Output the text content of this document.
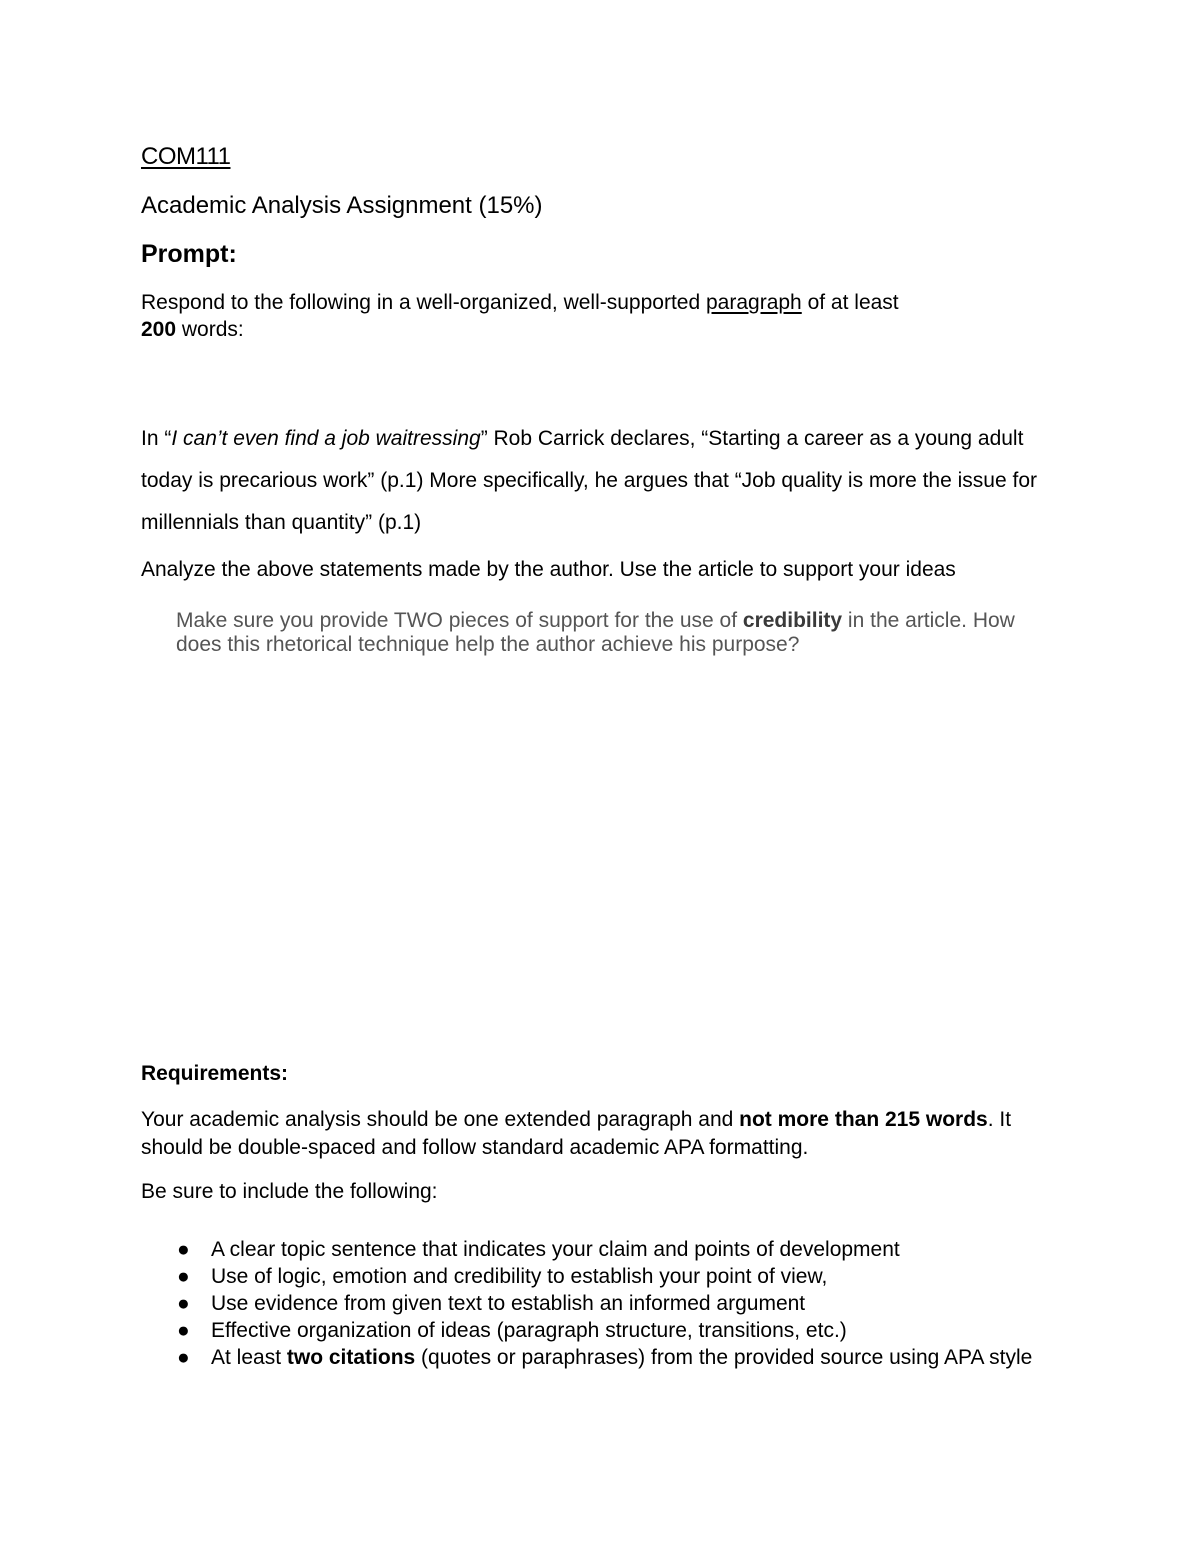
COM111

Academic Analysis Assignment (15%)

Prompt:

Respond to the following in a well-organized, well-supported paragraph of at least
200 words:

In “I can’t even find a job waitressing” Rob Carrick declares, “Starting a career as a young adult today is precarious work” (p.1) More specifically, he argues that “Job quality is more the issue for millennials than quantity” (p.1)

Analyze the above statements made by the author. Use the article to support your ideas

Make sure you provide TWO pieces of support for the use of credibility in the article. How does this rhetorical technique help the author achieve his purpose?

Requirements:

Your academic analysis should be one extended paragraph and not more than 215 words. It should be double-spaced and follow standard academic APA formatting.

Be sure to include the following:

● A clear topic sentence that indicates your claim and points of development
● Use of logic, emotion and credibility to establish your point of view,
● Use evidence from given text to establish an informed argument
● Effective organization of ideas (paragraph structure, transitions, etc.)
● At least two citations (quotes or paraphrases) from the provided source using APA style
